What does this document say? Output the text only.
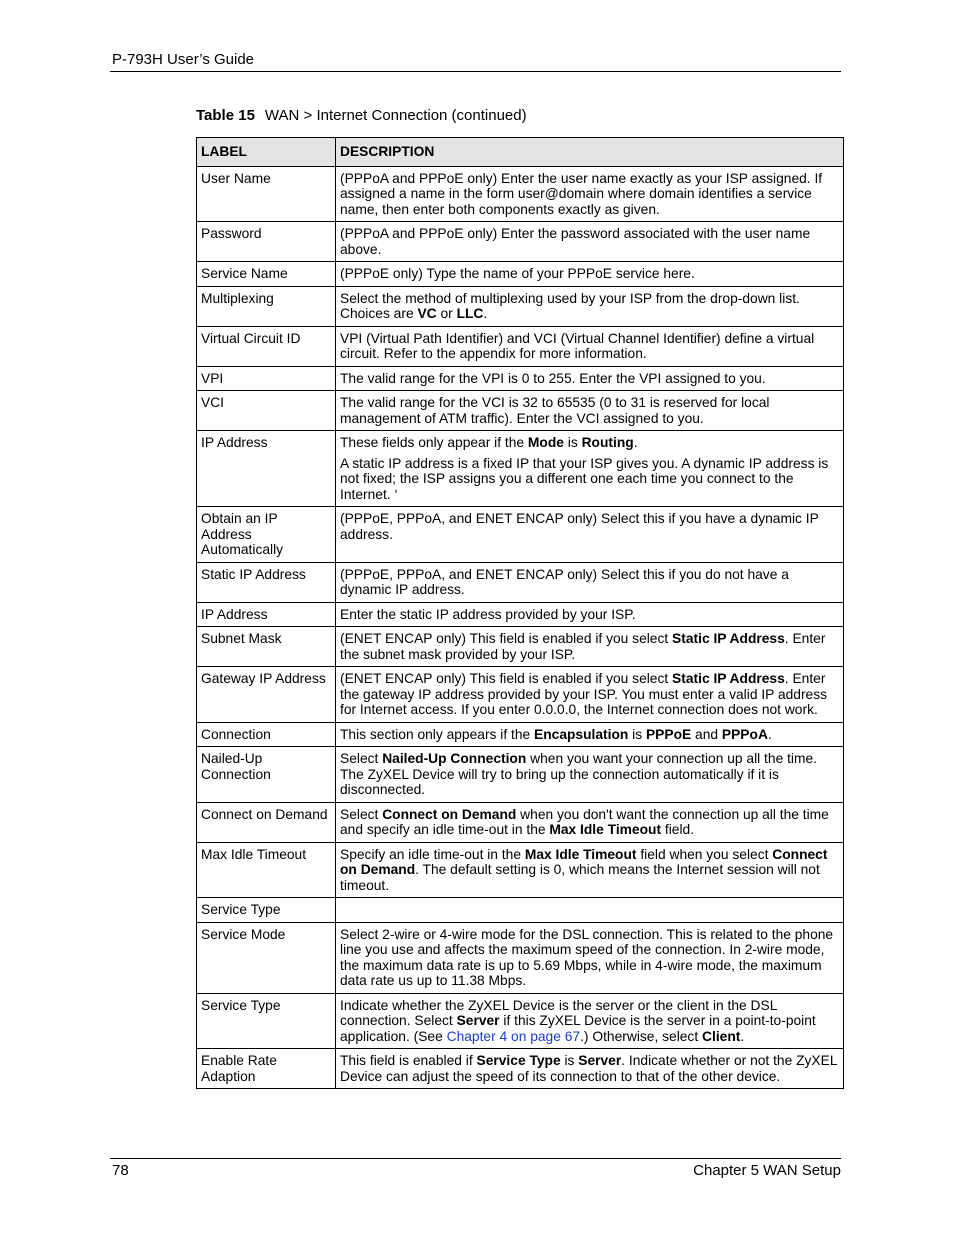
P-793H User’s Guide
Table 15 WAN > Internet Connection (continued)
LABEL	DESCRIPTION
User Name	(PPPoA and PPPoE only) Enter the user name exactly as your ISP assigned. If assigned a name in the form user@domain where domain identifies a service name, then enter both components exactly as given.

Password	(PPPoA and PPPoE only) Enter the password associated with the user name above.

Service Name	(PPPoE only) Type the name of your PPPoE service here.

Multiplexing	Select the method of multiplexing used by your ISP from the drop-down list. Choices are VC or LLC.

Virtual Circuit ID	VPI (Virtual Path Identifier) and VCI (Virtual Channel Identifier) define a virtual circuit. Refer to the appendix for more information.

VPI	The valid range for the VPI is 0 to 255. Enter the VPI assigned to you.

VCI	The valid range for the VCI is 32 to 65535 (0 to 31 is reserved for local management of ATM traffic). Enter the VCI assigned to you.

IP Address	These fields only appear if the Mode is Routing.
A static IP address is a fixed IP that your ISP gives you. A dynamic IP address is not fixed; the ISP assigns you a different one each time you connect to the Internet. ‘

Obtain an IP Address Automatically	(PPPoE, PPPoA, and ENET ENCAP only) Select this if you have a dynamic IP address.

Static IP Address	(PPPoE, PPPoA, and ENET ENCAP only) Select this if you do not have a dynamic IP address.

IP Address	Enter the static IP address provided by your ISP.

Subnet Mask	(ENET ENCAP only) This field is enabled if you select Static IP Address. Enter the subnet mask provided by your ISP.

Gateway IP Address	(ENET ENCAP only) This field is enabled if you select Static IP Address. Enter the gateway IP address provided by your ISP. You must enter a valid IP address for Internet access. If you enter 0.0.0.0, the Internet connection does not work.

Connection	This section only appears if the Encapsulation is PPPoE and PPPoA.

Nailed-Up Connection	Select Nailed-Up Connection when you want your connection up all the time. The ZyXEL Device will try to bring up the connection automatically if it is disconnected.

Connect on Demand	Select Connect on Demand when you don't want the connection up all the time and specify an idle time-out in the Max Idle Timeout field.

Max Idle Timeout	Specify an idle time-out in the Max Idle Timeout field when you select Connect on Demand. The default setting is 0, which means the Internet session will not timeout.

Service Type	
Service Mode	Select 2-wire or 4-wire mode for the DSL connection. This is related to the phone line you use and affects the maximum speed of the connection. In 2-wire mode, the maximum data rate is up to 5.69 Mbps, while in 4-wire mode, the maximum data rate us up to 11.38 Mbps.

Service Type	Indicate whether the ZyXEL Device is the server or the client in the DSL connection. Select Server if this ZyXEL Device is the server in a point-to-point application. (See Chapter 4 on page 67.) Otherwise, select Client.

Enable Rate Adaption	This field is enabled if Service Type is Server. Indicate whether or not the ZyXEL Device can adjust the speed of its connection to that of the other device.
78	Chapter 5 WAN Setup
